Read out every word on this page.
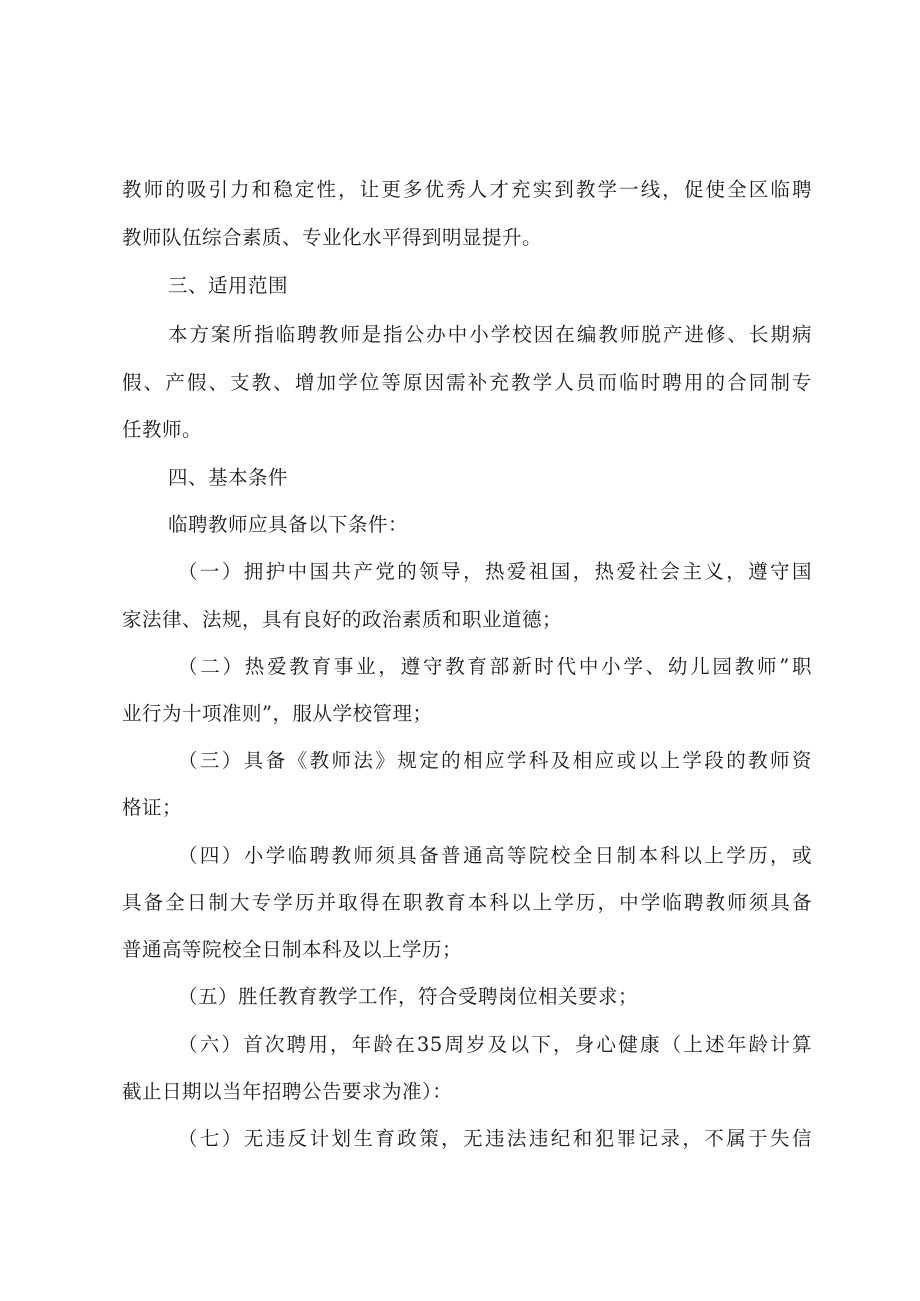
教师的吸引力和稳定性，让更多优秀人才充实到教学一线，促使全区临聘
教师队伍综合素质、专业化水平得到明显提升。
三、适用范围
本方案所指临聘教师是指公办中小学校因在编教师脱产进修、长期病
假、产假、支教、增加学位等原因需补充教学人员而临时聘用的合同制专
任教师。
四、基本条件
临聘教师应具备以下条件：
（一）拥护中国共产党的领导，热爱祖国，热爱社会主义，遵守国
家法律、法规，具有良好的政治素质和职业道德；
（二）热爱教育事业，遵守教育部新时代中小学、幼儿园教师”职
业行为十项准则”，服从学校管理；
（三）具备《教师法》规定的相应学科及相应或以上学段的教师资
格证；
（四）小学临聘教师须具备普通高等院校全日制本科以上学历，或
具备全日制大专学历并取得在职教育本科以上学历，中学临聘教师须具备
普通高等院校全日制本科及以上学历；
（五）胜任教育教学工作，符合受聘岗位相关要求；
（六）首次聘用，年龄在35周岁及以下，身心健康（上述年龄计算
截止日期以当年招聘公告要求为准）：
（七）无违反计划生育政策，无违法违纪和犯罪记录，不属于失信
